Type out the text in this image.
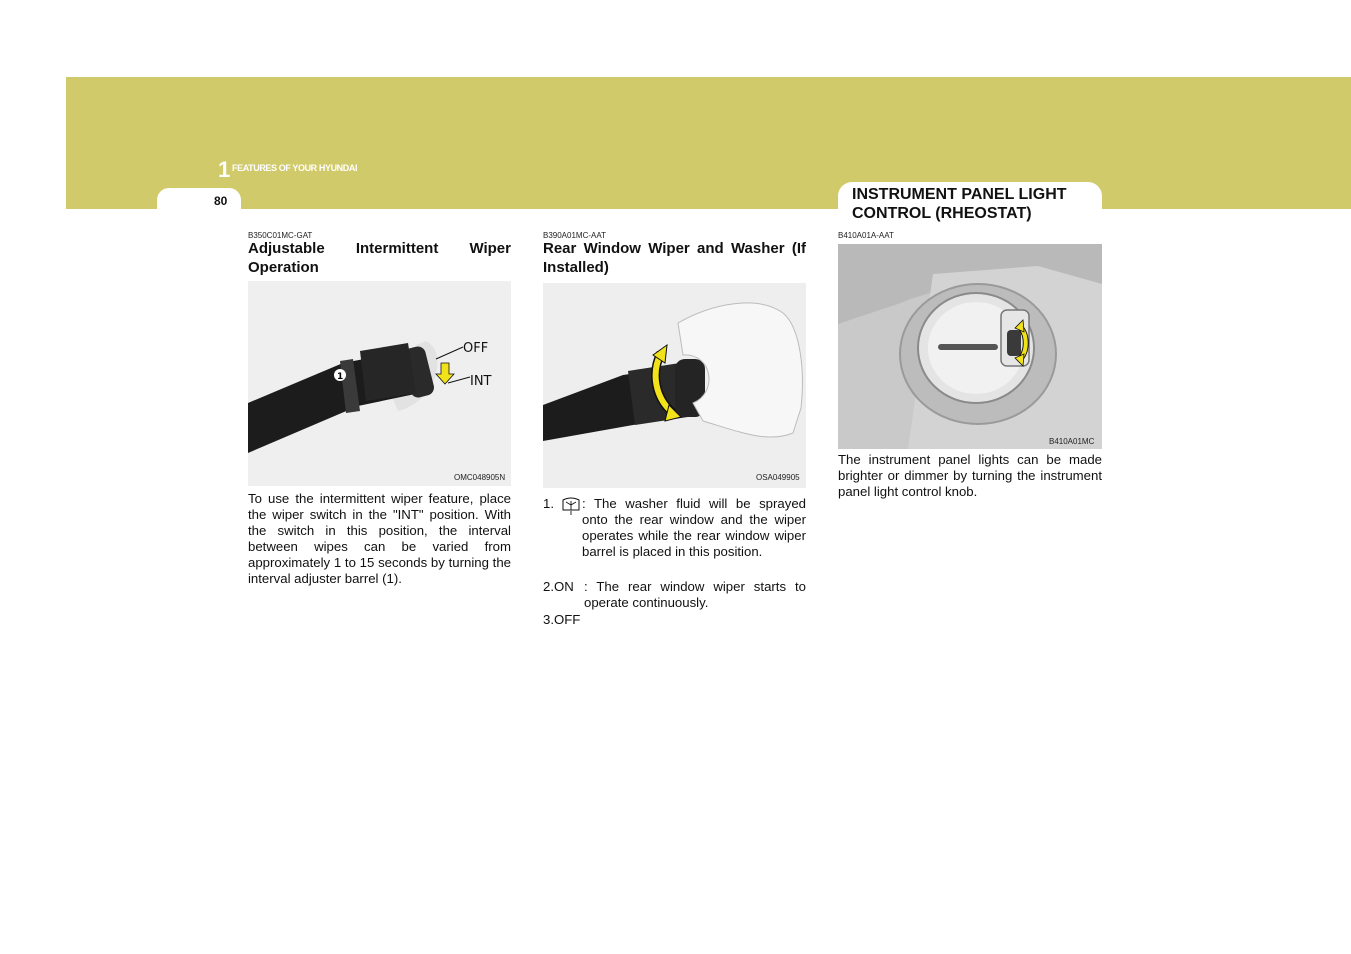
1 FEATURES OF YOUR HYUNDAI
80	INSTRUMENT PANEL LIGHT CONTROL (RHEOSTAT)
B350C01MC-GAT
Adjustable Intermittent Wiper Operation
1
OFF
INT
OMC048905N
To use the intermittent wiper feature, place the wiper switch in the "INT" position. With the switch in this position, the interval between wipes can be varied from approximately 1 to 15 seconds by turning the interval adjuster barrel (1).
B390A01MC-AAT
Rear Window Wiper and Washer (If Installed)
OSA049905
1. : The washer fluid will be sprayed onto the rear window and the wiper operates while the rear window wiper barrel is placed in this position.
2.ON : The rear window wiper starts to operate continuously.
3.OFF
B410A01A-AAT
B410A01MC
The instrument panel lights can be made brighter or dimmer by turning the instrument panel light control knob.
